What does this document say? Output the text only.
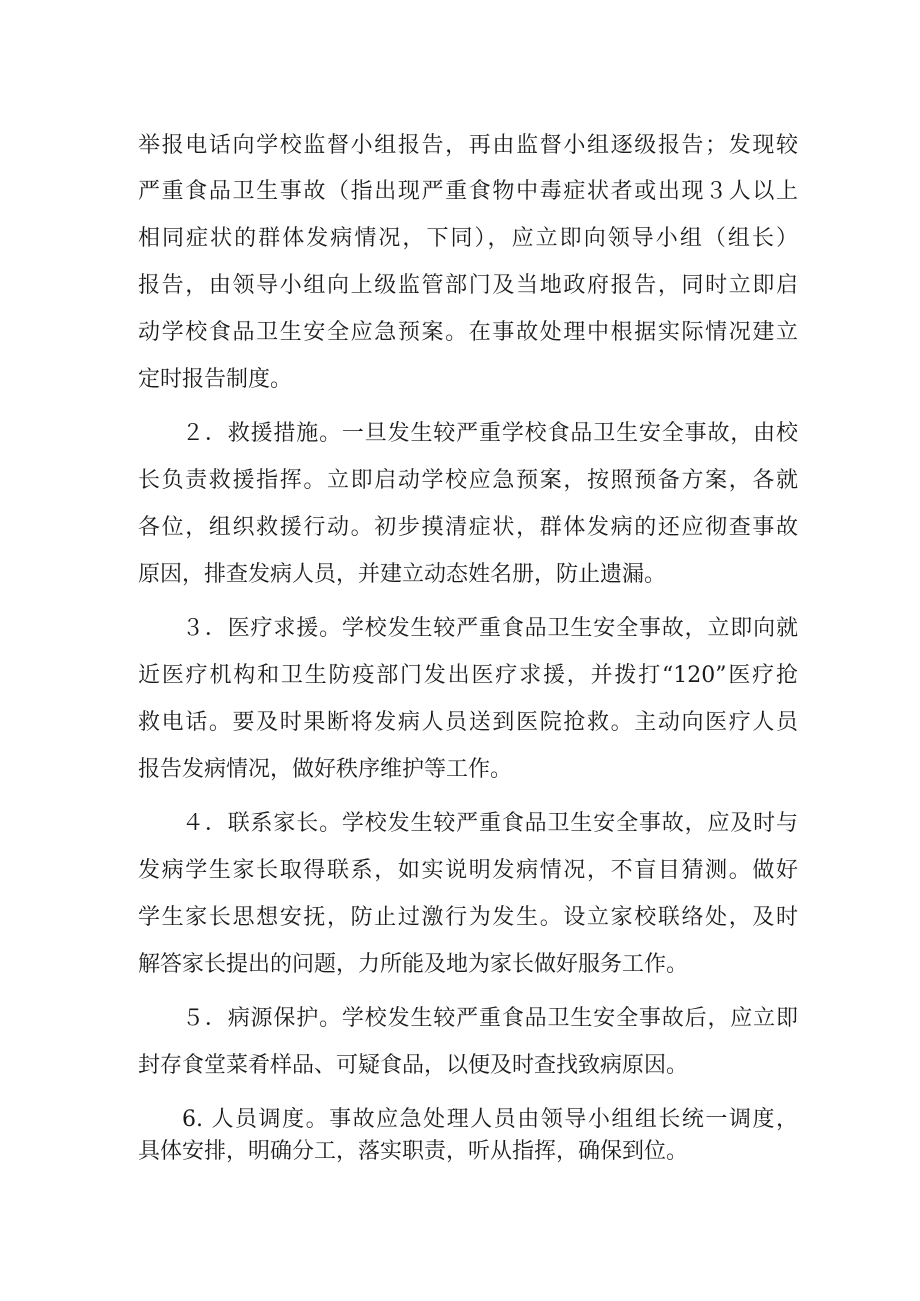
举报电话向学校监督小组报告，再由监督小组逐级报告；发现较

严重食品卫生事故（指出现严重食物中毒症状者或出现３人以上

相同症状的群体发病情况，下同），应立即向领导小组（组长）

报告，由领导小组向上级监管部门及当地政府报告，同时立即启

动学校食品卫生安全应急预案。在事故处理中根据实际情况建立

定时报告制度。

２．救援措施。一旦发生较严重学校食品卫生安全事故，由校

长负责救援指挥。立即启动学校应急预案，按照预备方案，各就

各位，组织救援行动。初步摸清症状，群体发病的还应彻查事故

原因，排查发病人员，并建立动态姓名册，防止遗漏。

３．医疗求援。学校发生较严重食品卫生安全事故，立即向就

近医疗机构和卫生防疫部门发出医疗求援，并拨打“120”医疗抢

救电话。要及时果断将发病人员送到医院抢救。主动向医疗人员

报告发病情况，做好秩序维护等工作。

４．联系家长。学校发生较严重食品卫生安全事故，应及时与

发病学生家长取得联系，如实说明发病情况，不盲目猜测。做好

学生家长思想安抚，防止过激行为发生。设立家校联络处，及时

解答家长提出的问题，力所能及地为家长做好服务工作。

５．病源保护。学校发生较严重食品卫生安全事故后，应立即

封存食堂菜肴样品、可疑食品，以便及时查找致病原因。

6. 人员调度。事故应急处理人员由领导小组组长统一调度，

具体安排，明确分工，落实职责，听从指挥，确保到位。
